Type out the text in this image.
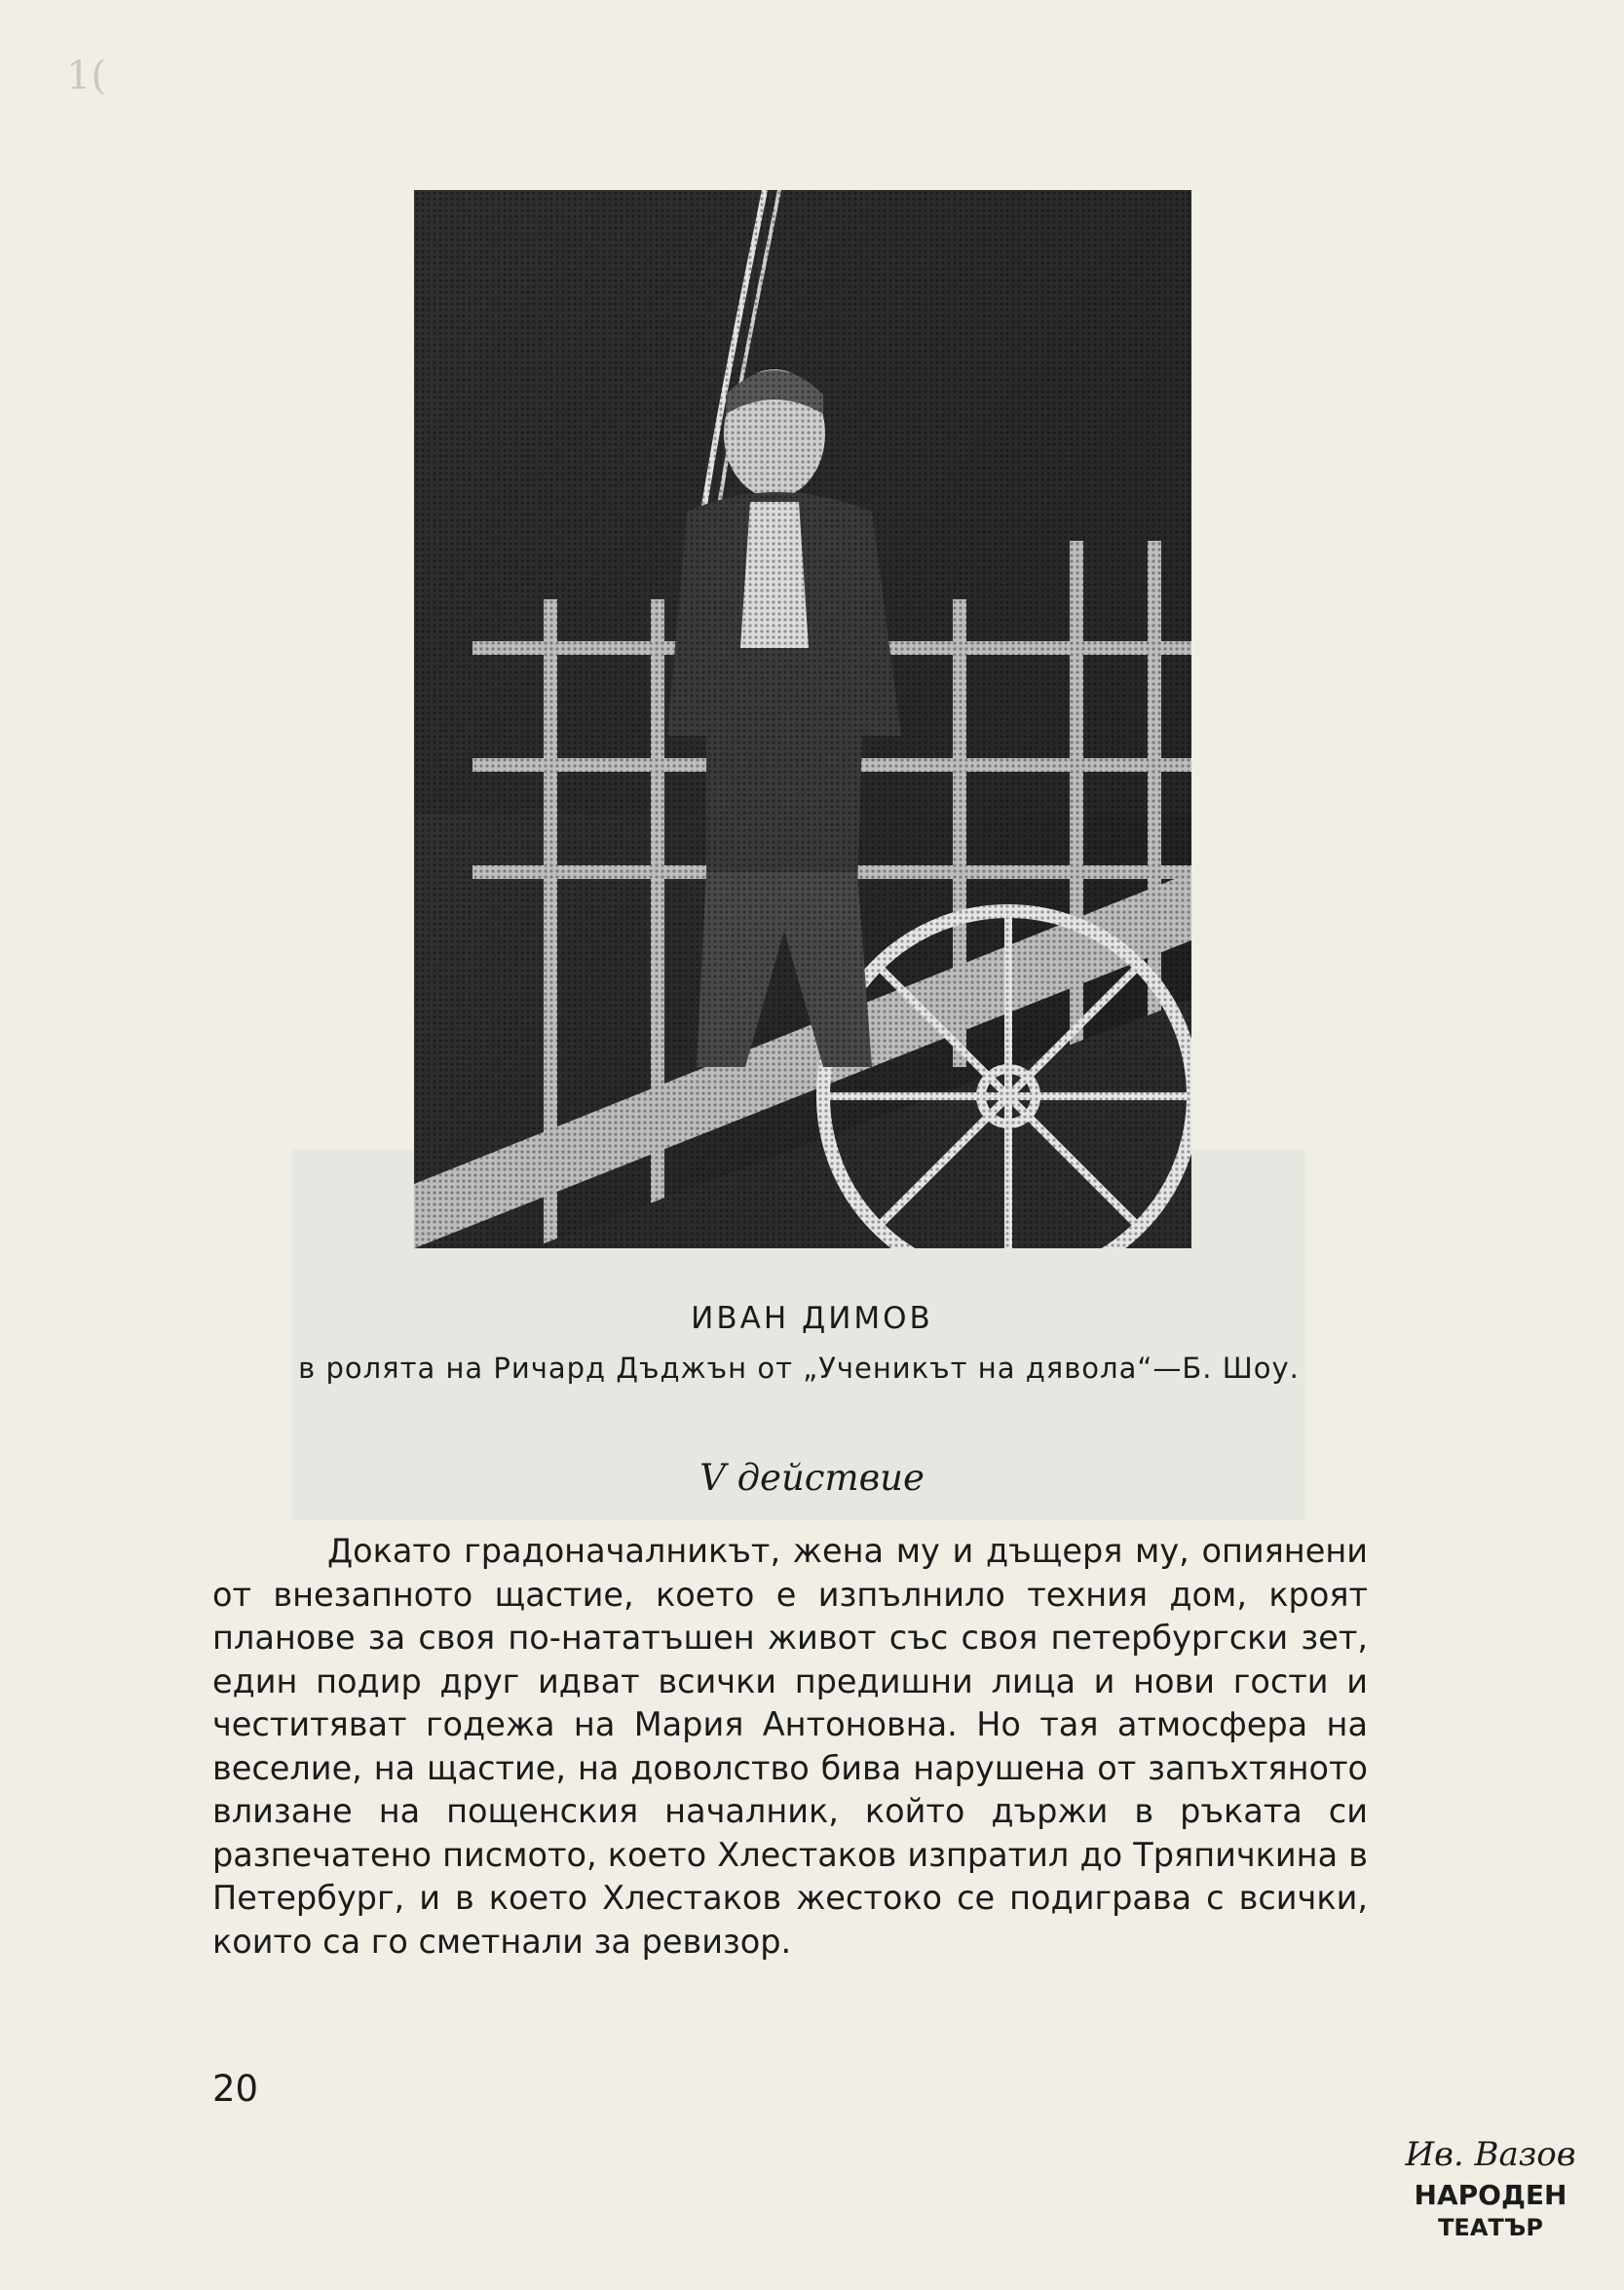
1(
ИВАН ДИМОВ
в ролята на Ричард Дъджън от „Ученикът на дявола“—Б. Шоу.
V действие

Докато градоначалникът, жена му и дъщеря му, опиянени от внезапното щастие, което е изпълнило техния дом, кроят планове за своя по-нататъшен живот със своя петербургски зет, един подир друг идват всички предишни лица и нови гости и честитяват годежа на Мария Антоновна. Но тая атмосфера на веселие, на щастие, на доволство бива нарушена от запъхтяното влизане на пощенския началник, който държи в ръката си разпечатено писмото, което Хлестаков изпратил до Тряпичкина в Петербург, и в което Хлестаков жестоко се подиграва с всички, които са го сметнали за ревизор.

20
Ив. Вазов
НАРОДЕН
ТЕАТЪР
